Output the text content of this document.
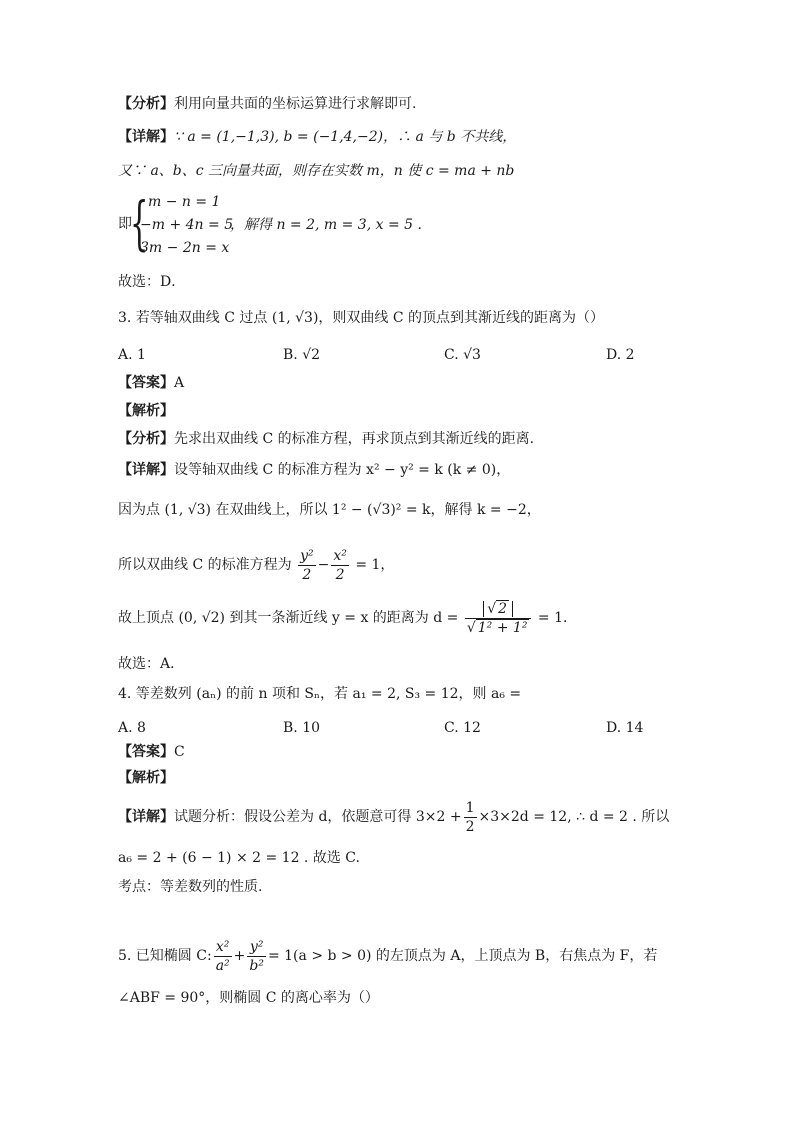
【分析】利用向量共面的坐标运算进行求解即可.
【详解】∵ a = (1,−1,3), b = (−1,4,−2)，∴ a 与 b 不共线，
又∵ a、b、c 三向量共面，则存在实数 m，n 使 c = ma + nb
即
{ m − n = 1
−m + 4n = 5
3m − 2n = x
，解得 n = 2, m = 3, x = 5 .
故选：D．
3. 若等轴双曲线 C 过点 (1, √3)，则双曲线 C 的顶点到其渐近线的距离为（）
A. 1	B. √2	C. √3	D. 2
【答案】A
【解析】
【分析】先求出双曲线 C 的标准方程，再求顶点到其渐近线的距离.
【详解】设等轴双曲线 C 的标准方程为 x² − y² = k (k ≠ 0)，
因为点 (1, √3) 在双曲线上，所以 1² − (√3)² = k，解得 k = −2，
所以双曲线 C 的标准方程为 $\frac{\text{y²}}{2} - \frac{\text{x²}}{2} = 1$，
故上顶点 (0, √2) 到其一条渐近线 y = x 的距离为 $d = \frac{√ 2}{\text{√ 1² + 1²}} = 1$.
故选：A．
4. 等差数列 (aₙ) 的前 n 项和 Sₙ，若 a₁ = 2, S₃ = 12，则 a₆ =
A. 8	B. 10	C. 12	D. 14
【答案】C
【解析】
【详解】试题分析：假设公差为 d，依题意可得 $3\times 2 + \frac{1}{2} \times 3\times 2d = 12$, ∴ d = 2 . 所以
a₆ = 2 + (6 − 1) × 2 = 12 . 故选 C.
考点：等差数列的性质.
5. 已知椭圆 C: $\frac{\text{x²}}{\text{a²}} + \frac{\text{y²}}{\text{b²}} = 1(a > b > 0)$ 的左顶点为 A，上顶点为 B，右焦点为 F，若
∠ABF = 90°，则椭圆 C 的离心率为（）
